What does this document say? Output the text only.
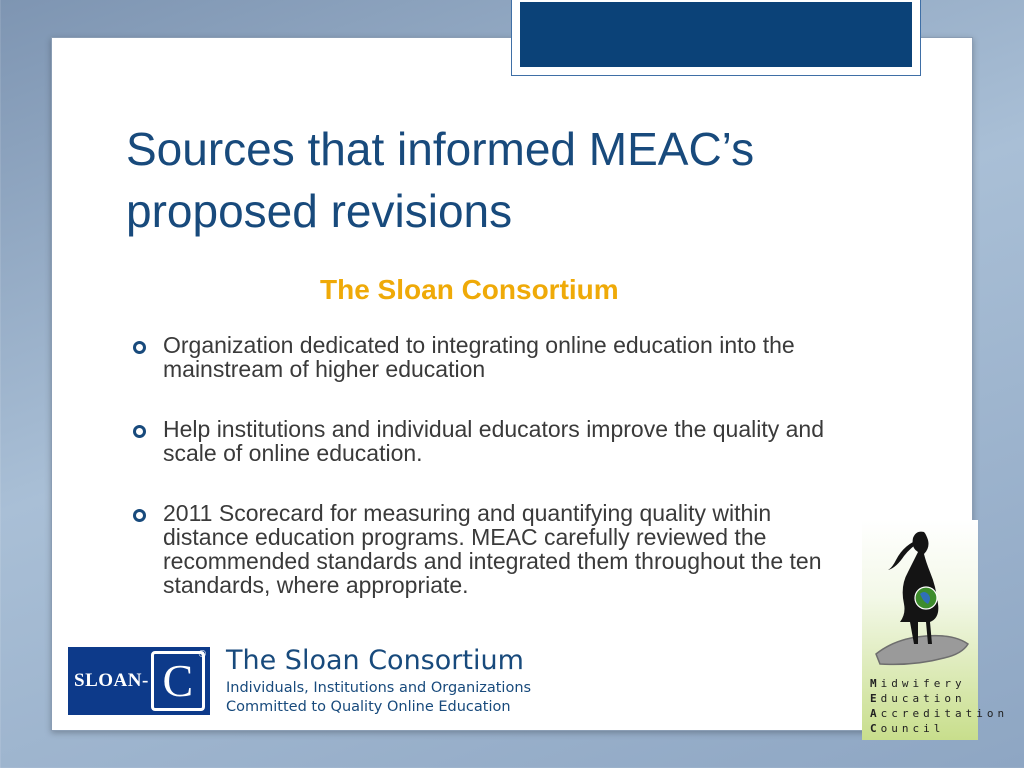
Sources that informed MEAC’s proposed revisions
The Sloan Consortium
Organization dedicated to integrating online education into the mainstream of higher education
Help institutions and individual educators improve the quality and scale of online education.
2011 Scorecard for measuring and quantifying quality within distance education programs. MEAC carefully reviewed the recommended standards and integrated them throughout the ten standards, where appropriate.
SLOAN- C
® The Sloan Consortium
Individuals, Institutions and Organizations
Committed to Quality Online Education
Midwifery
Education
Accreditation
Council
